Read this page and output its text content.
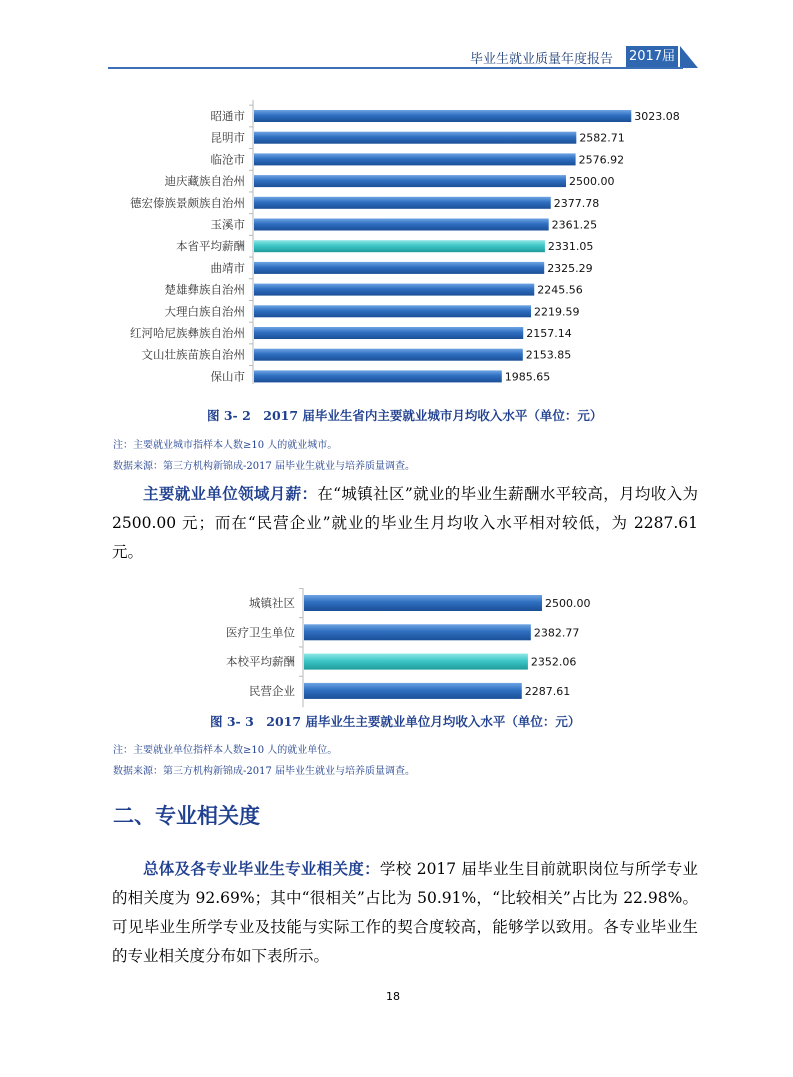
毕业生就业质量年度报告 2017届
昭通市	3023.08
昆明市	2582.71
临沧市	2576.92
迪庆藏族自治州	2500.00
德宏傣族景颇族自治州	2377.78
玉溪市	2361.25
本省平均薪酬	2331.05
曲靖市	2325.29
楚雄彝族自治州	2245.56
大理白族自治州	2219.59
红河哈尼族彝族自治州	2157.14
文山壮族苗族自治州	2153.85
保山市	1985.65
图 3- 2　2017 届毕业生省内主要就业城市月均收入水平（单位：元）
注：主要就业城市指样本人数≥10 人的就业城市。
数据来源：第三方机构新锦成-2017 届毕业生就业与培养质量调查。
主要就业单位领域月薪：在“城镇社区”就业的毕业生薪酬水平较高，月均收入为 2500.00 元；而在“民营企业”就业的毕业生月均收入水平相对较低，为 2287.61 元。
城镇社区	2500.00
医疗卫生单位	2382.77
本校平均薪酬	2352.06
民营企业	2287.61
图 3- 3　2017 届毕业生主要就业单位月均收入水平（单位：元）
注：主要就业单位指样本人数≥10 人的就业单位。
数据来源：第三方机构新锦成-2017 届毕业生就业与培养质量调查。
二、专业相关度
总体及各专业毕业生专业相关度：学校 2017 届毕业生目前就职岗位与所学专业的相关度为 92.69%；其中“很相关”占比为 50.91%，“比较相关”占比为 22.98%。可见毕业生所学专业及技能与实际工作的契合度较高，能够学以致用。各专业毕业生的专业相关度分布如下表所示。
18
